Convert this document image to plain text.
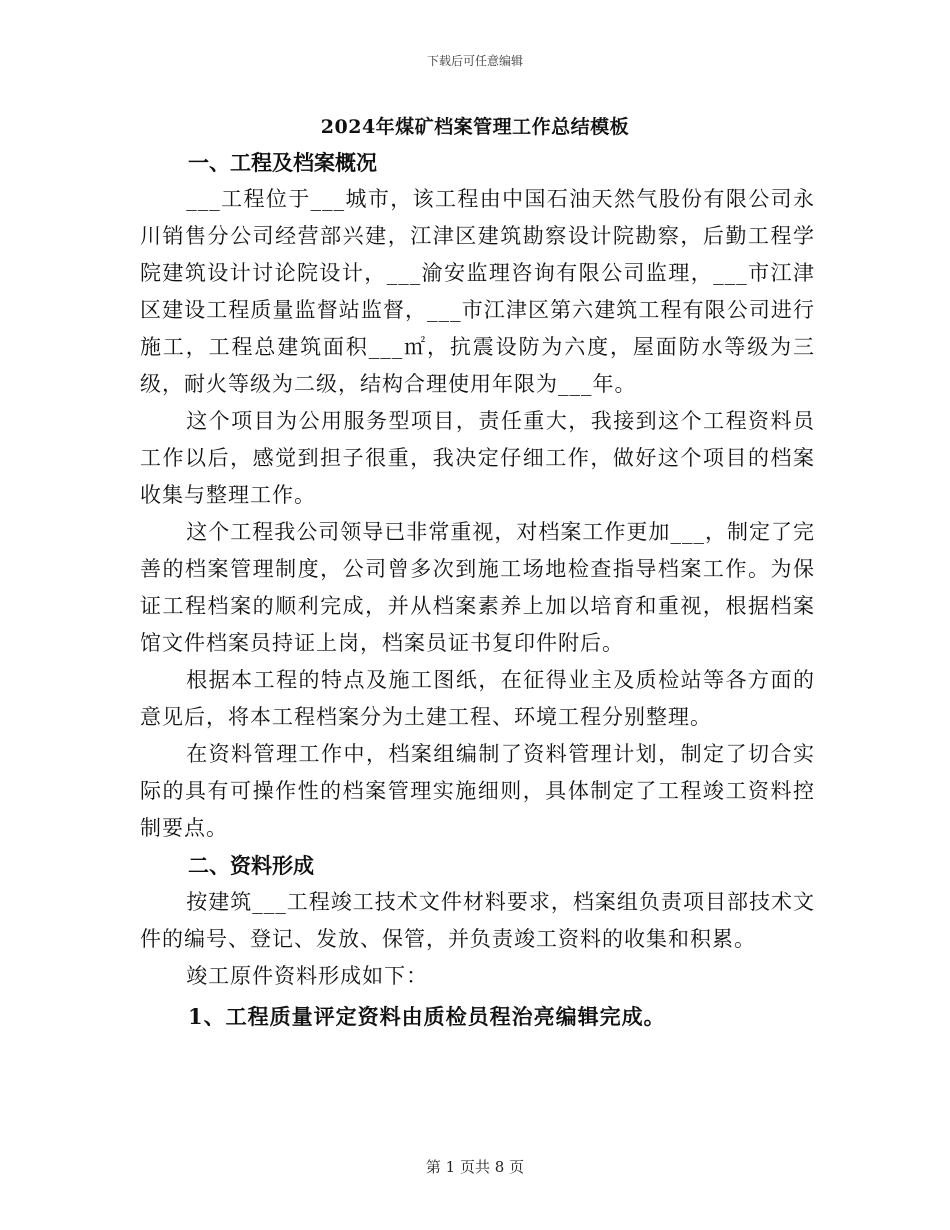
下载后可任意编辑
2024年煤矿档案管理工作总结模板

一、工程及档案概况

___工程位于___城市，该工程由中国石油天然气股份有限公司永川销售分公司经营部兴建，江津区建筑勘察设计院勘察，后勤工程学院建筑设计讨论院设计，___渝安监理咨询有限公司监理，___市江津区建设工程质量监督站监督，___市江津区第六建筑工程有限公司进行施工，工程总建筑面积___㎡，抗震设防为六度，屋面防水等级为三级，耐火等级为二级，结构合理使用年限为___年。

这个项目为公用服务型项目，责任重大，我接到这个工程资料员工作以后，感觉到担子很重，我决定仔细工作，做好这个项目的档案收集与整理工作。

这个工程我公司领导已非常重视，对档案工作更加___，制定了完善的档案管理制度，公司曾多次到施工场地检查指导档案工作。为保证工程档案的顺利完成，并从档案素养上加以培育和重视，根据档案馆文件档案员持证上岗，档案员证书复印件附后。

根据本工程的特点及施工图纸，在征得业主及质检站等各方面的意见后，将本工程档案分为土建工程、环境工程分别整理。

在资料管理工作中，档案组编制了资料管理计划，制定了切合实际的具有可操作性的档案管理实施细则，具体制定了工程竣工资料控制要点。

二、资料形成

按建筑___工程竣工技术文件材料要求，档案组负责项目部技术文件的编号、登记、发放、保管，并负责竣工资料的收集和积累。

竣工原件资料形成如下：

1、工程质量评定资料由质检员程治亮编辑完成。

第 1 页共 8 页
